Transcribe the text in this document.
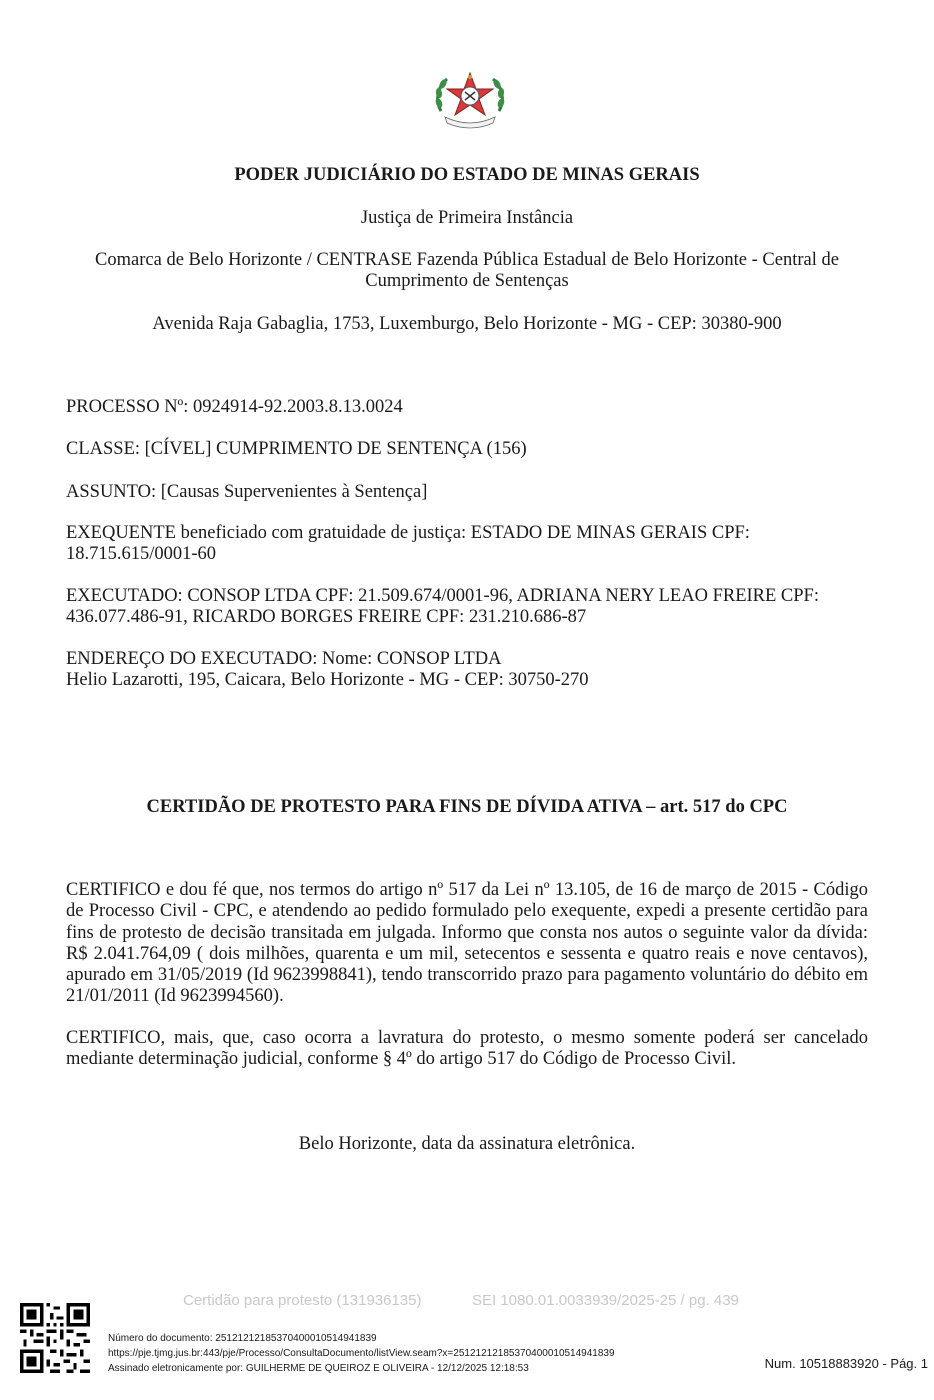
PODER JUDICIÁRIO DO ESTADO DE MINAS GERAIS
Justiça de Primeira Instância
Comarca de Belo Horizonte / CENTRASE Fazenda Pública Estadual de Belo Horizonte - Central de
Cumprimento de Sentenças
Avenida Raja Gabaglia, 1753, Luxemburgo, Belo Horizonte - MG - CEP: 30380-900
PROCESSO Nº: 0924914-92.2003.8.13.0024
CLASSE: [CÍVEL] CUMPRIMENTO DE SENTENÇA (156)
ASSUNTO: [Causas Supervenientes à Sentença]
EXEQUENTE beneficiado com gratuidade de justiça: ESTADO DE MINAS GERAIS CPF:
18.715.615/0001-60
EXECUTADO: CONSOP LTDA CPF: 21.509.674/0001-96, ADRIANA NERY LEAO FREIRE CPF:
436.077.486-91, RICARDO BORGES FREIRE CPF: 231.210.686-87
ENDEREÇO DO EXECUTADO: Nome: CONSOP LTDA
Helio Lazarotti, 195, Caicara, Belo Horizonte - MG - CEP: 30750-270
CERTIDÃO DE PROTESTO PARA FINS DE DÍVIDA ATIVA – art. 517 do CPC
CERTIFICO e dou fé que, nos termos do artigo nº 517 da Lei nº 13.105, de 16 de março de 2015 - Código de Processo Civil - CPC, e atendendo ao pedido formulado pelo exequente, expedi a presente certidão para fins de protesto de decisão transitada em julgada. Informo que consta nos autos o seguinte valor da dívida: R$ 2.041.764,09 ( dois milhões, quarenta e um mil, setecentos e sessenta e quatro reais e nove centavos), apurado em 31/05/2019 (Id 9623998841), tendo transcorrido prazo para pagamento voluntário do débito em 21/01/2011 (Id 9623994560).
CERTIFICO, mais, que, caso ocorra a lavratura do protesto, o mesmo somente poderá ser cancelado mediante determinação judicial, conforme § 4º do artigo 517 do Código de Processo Civil.
Belo Horizonte, data da assinatura eletrônica.
Certidão para protesto (131936135)	SEI 1080.01.0033939/2025-25 / pg. 439
Número do documento: 25121212185370400010514941839
https://pje.tjmg.jus.br:443/pje/Processo/ConsultaDocumento/listView.seam?x=25121212185370400010514941839
Assinado eletronicamente por: GUILHERME DE QUEIROZ E OLIVEIRA - 12/12/2025 12:18:53	Num. 10518883920 - Pág. 1
